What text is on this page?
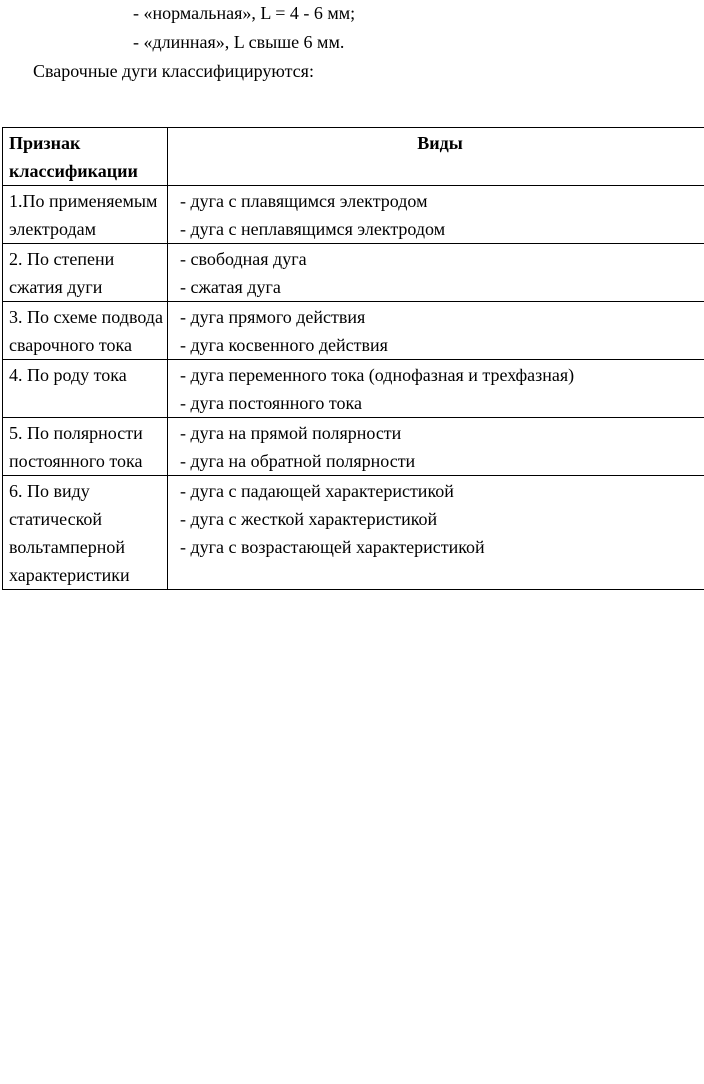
- «нормальная», L = 4 - 6 мм;
- «длинная», L свыше 6 мм.
Сварочные дуги классифицируются:
Признак классификации	Виды
1.По применяемым электродам	- дуга с плавящимся электродом
- дуга с неплавящимся электродом

2. По степени сжатия дуги	- свободная дуга
- сжатая дуга

3. По схеме подвода сварочного тока	- дуга прямого действия
- дуга косвенного действия

4. По роду тока	- дуга переменного тока (однофазная и трехфазная)
- дуга постоянного тока

5. По полярности постоянного тока	- дуга на прямой полярности
- дуга на обратной полярности

6. По виду статической вольтамперной характеристики	- дуга с падающей характеристикой
- дуга с жесткой характеристикой
- дуга с возрастающей характеристикой
